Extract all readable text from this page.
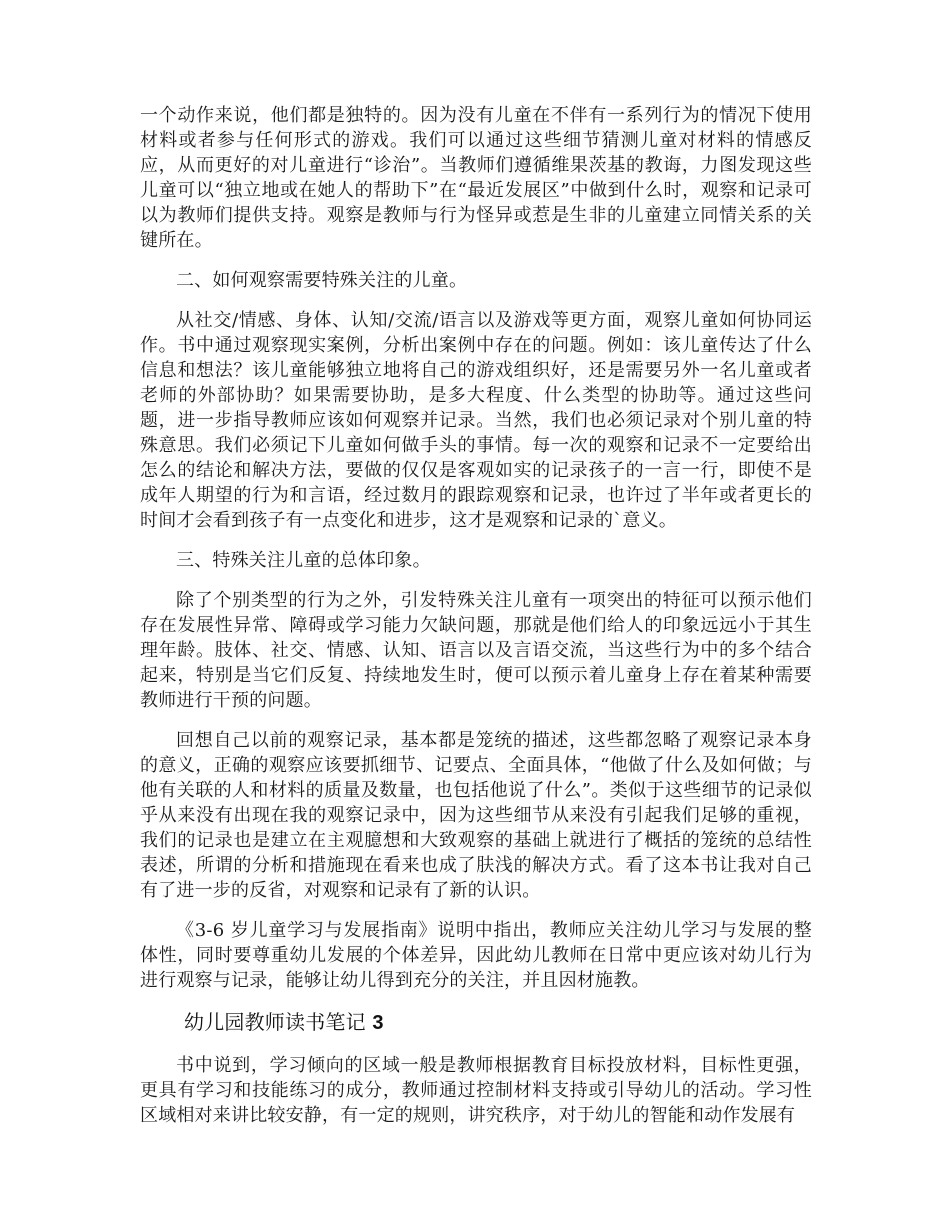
一个动作来说，他们都是独特的。因为没有儿童在不伴有一系列行为的情况下使用材料或者参与任何形式的游戏。我们可以通过这些细节猜测儿童对材料的情感反应，从而更好的对儿童进行“诊治”。当教师们遵循维果茨基的教诲，力图发现这些儿童可以“独立地或在她人的帮助下”在“最近发展区”中做到什么时，观察和记录可以为教师们提供支持。观察是教师与行为怪异或惹是生非的儿童建立同情关系的关键所在。

二、如何观察需要特殊关注的儿童。

从社交/情感、身体、认知/交流/语言以及游戏等更方面，观察儿童如何协同运作。书中通过观察现实案例，分析出案例中存在的问题。例如：该儿童传达了什么信息和想法？该儿童能够独立地将自己的游戏组织好，还是需要另外一名儿童或者老师的外部协助？如果需要协助，是多大程度、什么类型的协助等。通过这些问题，进一步指导教师应该如何观察并记录。当然，我们也必须记录对个别儿童的特殊意思。我们必须记下儿童如何做手头的事情。每一次的观察和记录不一定要给出怎么的结论和解决方法，要做的仅仅是客观如实的记录孩子的一言一行，即使不是成年人期望的行为和言语，经过数月的跟踪观察和记录，也许过了半年或者更长的时间才会看到孩子有一点变化和进步，这才是观察和记录的`意义。

三、特殊关注儿童的总体印象。

除了个别类型的行为之外，引发特殊关注儿童有一项突出的特征可以预示他们存在发展性异常、障碍或学习能力欠缺问题，那就是他们给人的印象远远小于其生理年龄。肢体、社交、情感、认知、语言以及言语交流，当这些行为中的多个结合起来，特别是当它们反复、持续地发生时，便可以预示着儿童身上存在着某种需要教师进行干预的问题。

回想自己以前的观察记录，基本都是笼统的描述，这些都忽略了观察记录本身的意义，正确的观察应该要抓细节、记要点、全面具体，“他做了什么及如何做；与他有关联的人和材料的质量及数量，也包括他说了什么”。类似于这些细节的记录似乎从来没有出现在我的观察记录中，因为这些细节从来没有引起我们足够的重视，我们的记录也是建立在主观臆想和大致观察的基础上就进行了概括的笼统的总结性表述，所谓的分析和措施现在看来也成了肤浅的解决方式。看了这本书让我对自己有了进一步的反省，对观察和记录有了新的认识。

《3-6 岁儿童学习与发展指南》说明中指出，教师应关注幼儿学习与发展的整体性，同时要尊重幼儿发展的个体差异，因此幼儿教师在日常中更应该对幼儿行为进行观察与记录，能够让幼儿得到充分的关注，并且因材施教。

幼儿园教师读书笔记 3

书中说到，学习倾向的区域一般是教师根据教育目标投放材料，目标性更强，更具有学习和技能练习的成分，教师通过控制材料支持或引导幼儿的活动。学习性区域相对来讲比较安静，有一定的规则，讲究秩序，对于幼儿的智能和动作发展有
